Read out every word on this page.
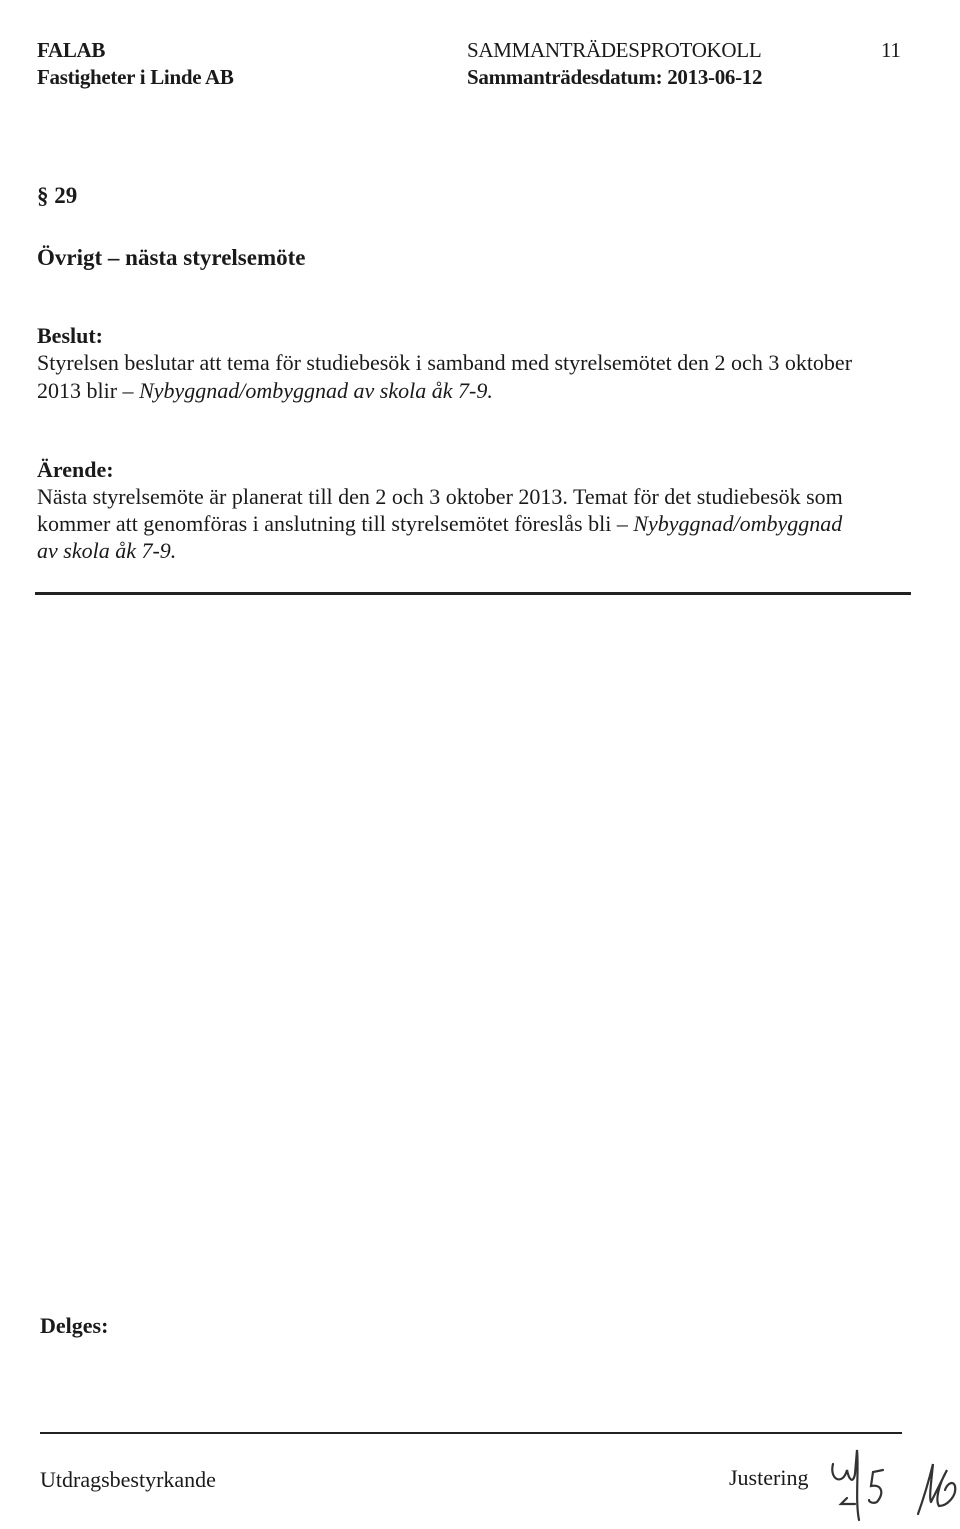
FALAB
Fastigheter i Linde AB
SAMMANTRÄDESPROTOKOLL
Sammanträdesdatum: 2013-06-12
11
§ 29
Övrigt – nästa styrelsemöte
Beslut:
Styrelsen beslutar att tema för studiebesök i samband med styrelsemötet den 2 och 3 oktober
2013 blir – Nybyggnad/ombyggnad av skola åk 7-9.
Ärende:
Nästa styrelsemöte är planerat till den 2 och 3 oktober 2013. Temat för det studiebesök som
kommer att genomföras i anslutning till styrelsemötet föreslås bli – Nybyggnad/ombyggnad
av skola åk 7-9.
Delges:
Utdragsbestyrkande	Justering
